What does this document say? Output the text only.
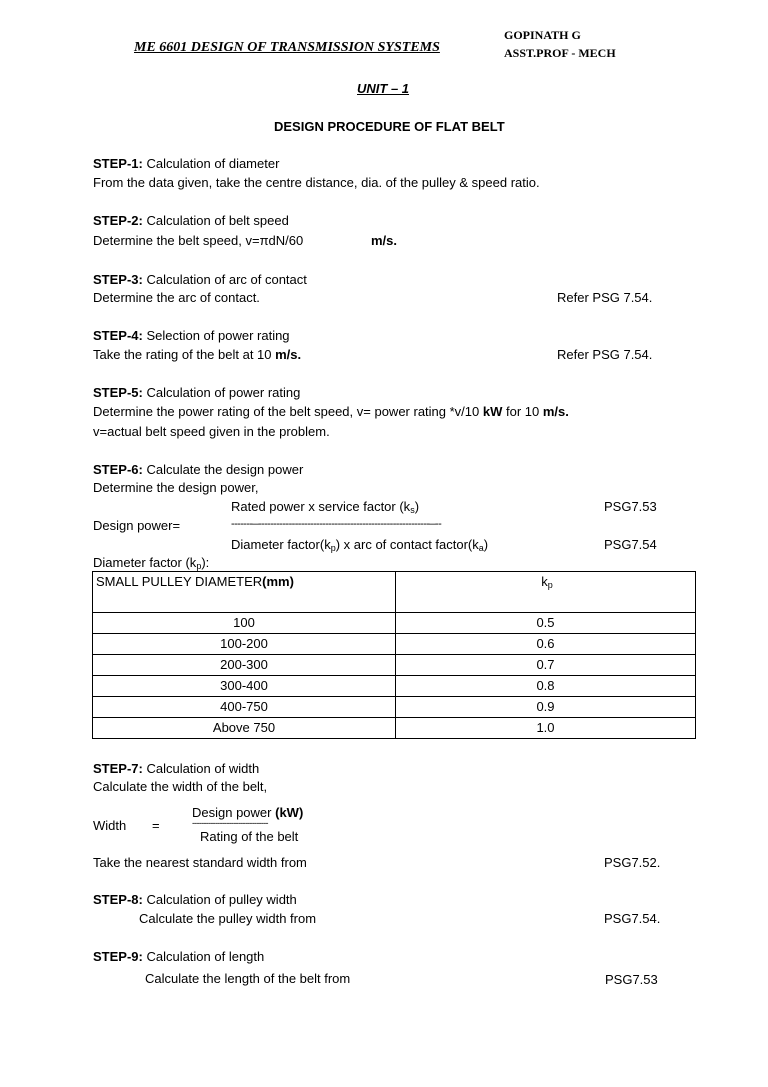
ME 6601 DESIGN OF TRANSMISSION SYSTEMS
GOPINATH G
ASST.PROF - MECH
UNIT – 1
DESIGN PROCEDURE OF FLAT BELT
STEP-1: Calculation of diameter
From the data given, take the centre distance, dia. of the pulley & speed ratio.
STEP-2: Calculation of belt speed
Determine the belt speed, v=πdN/60	m/s.
STEP-3: Calculation of arc of contact
Determine the arc of contact.	Refer PSG 7.54.
STEP-4: Selection of power rating
Take the rating of the belt at 10 m/s.	Refer PSG 7.54.
STEP-5: Calculation of power rating
Determine the power rating of the belt speed, v= power rating *v/10 kW for 10 m/s.
v=actual belt speed given in the problem.
STEP-6: Calculate the design power
Determine the design power,
Rated power x service factor $(k_s)$	PSG7.53
Design power=	-------–--------------------------------------------------------–--
Diameter $factor(k_p)$ x arc of contact $factor(k_a)$	PSG7.54
Diameter factor $(k_p)$:
SMALL PULLEY DIAMETER(mm)	$k_p$
100	0.5
100-200	0.6
200-300	0.7
300-400	0.8
400-750	0.9
Above 750	1.0
STEP-7: Calculation of width
Calculate the width of the belt,
Design power (kW)
Width =	---------------------------------
Rating of the belt
Take the nearest standard width from	PSG7.52.
STEP-8: Calculation of pulley width
Calculate the pulley width from	PSG7.54.
STEP-9: Calculation of length
Calculate the length of the belt from	PSG7.53
